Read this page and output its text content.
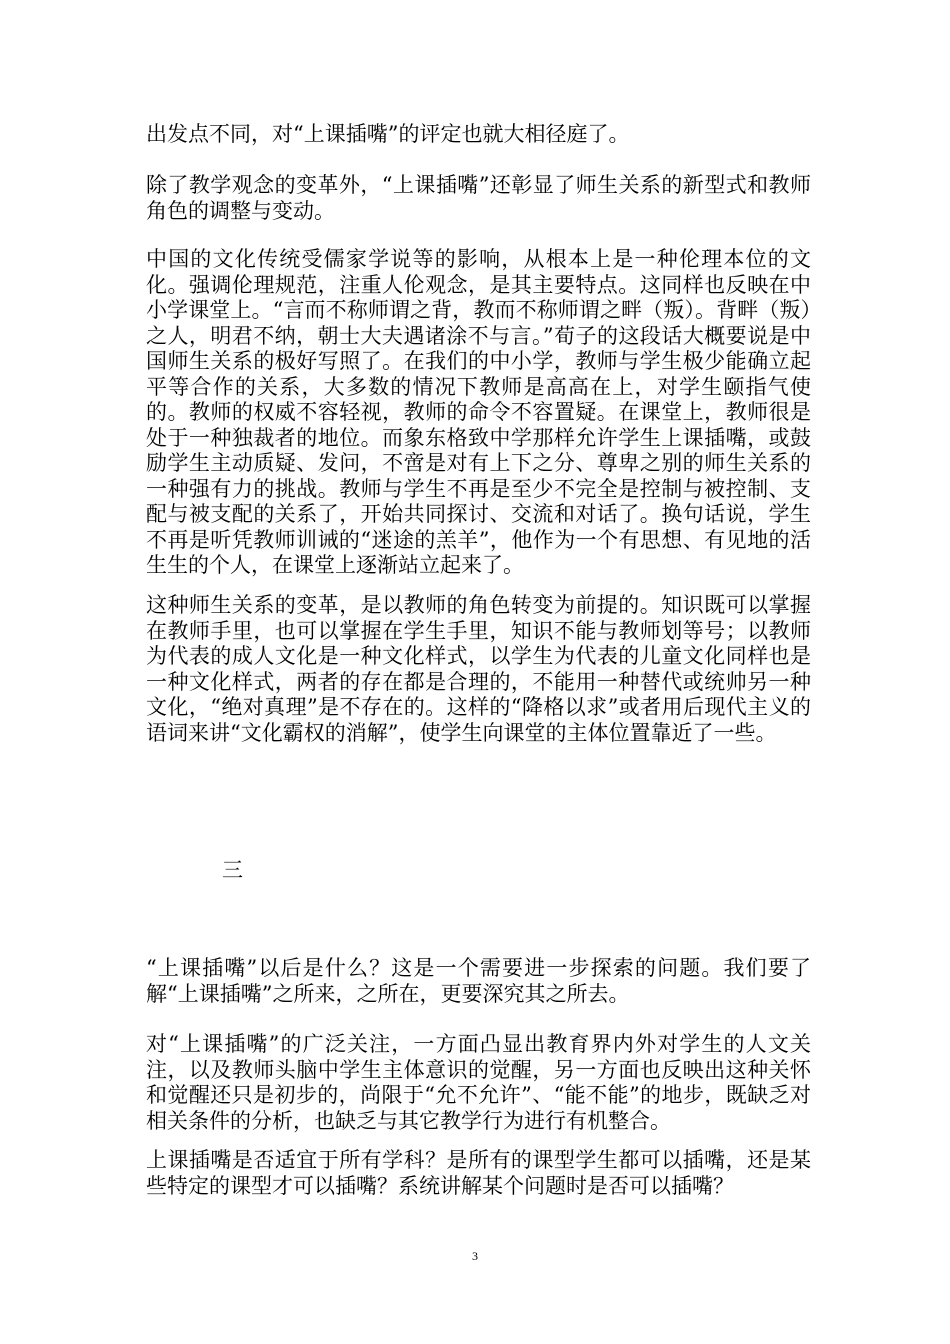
出发点不同，对“上课插嘴”的评定也就大相径庭了。

除了教学观念的变革外，“上课插嘴”还彰显了师生关系的新型式和教师角色的调整与变动。

中国的文化传统受儒家学说等的影响，从根本上是一种伦理本位的文化。强调伦理规范，注重人伦观念，是其主要特点。这同样也反映在中小学课堂上。“言而不称师谓之背，教而不称师谓之畔（叛）。背畔（叛）之人，明君不纳，朝士大夫遇诸涂不与言。”荀子的这段话大概要说是中国师生关系的极好写照了。在我们的中小学，教师与学生极少能确立起平等合作的关系，大多数的情况下教师是高高在上，对学生颐指气使的。教师的权威不容轻视，教师的命令不容置疑。在课堂上，教师很是处于一种独裁者的地位。而象东格致中学那样允许学生上课插嘴，或鼓励学生主动质疑、发问，不啻是对有上下之分、尊卑之别的师生关系的一种强有力的挑战。教师与学生不再是至少不完全是控制与被控制、支配与被支配的关系了，开始共同探讨、交流和对话了。换句话说，学生不再是听凭教师训诫的“迷途的羔羊”，他作为一个有思想、有见地的活生生的个人，在课堂上逐渐站立起来了。

这种师生关系的变革，是以教师的角色转变为前提的。知识既可以掌握在教师手里，也可以掌握在学生手里，知识不能与教师划等号；以教师为代表的成人文化是一种文化样式，以学生为代表的儿童文化同样也是一种文化样式，两者的存在都是合理的，不能用一种替代或统帅另一种文化，“绝对真理”是不存在的。这样的“降格以求”或者用后现代主义的语词来讲“文化霸权的消解”，使学生向课堂的主体位置靠近了一些。

三

“上课插嘴”以后是什么？这是一个需要进一步探索的问题。我们要了解“上课插嘴”之所来，之所在，更要深究其之所去。

对“上课插嘴”的广泛关注，一方面凸显出教育界内外对学生的人文关注，以及教师头脑中学生主体意识的觉醒，另一方面也反映出这种关怀和觉醒还只是初步的，尚限于“允不允许”、“能不能”的地步，既缺乏对相关条件的分析，也缺乏与其它教学行为进行有机整合。

上课插嘴是否适宜于所有学科？是所有的课型学生都可以插嘴，还是某些特定的课型才可以插嘴？系统讲解某个问题时是否可以插嘴？

3
